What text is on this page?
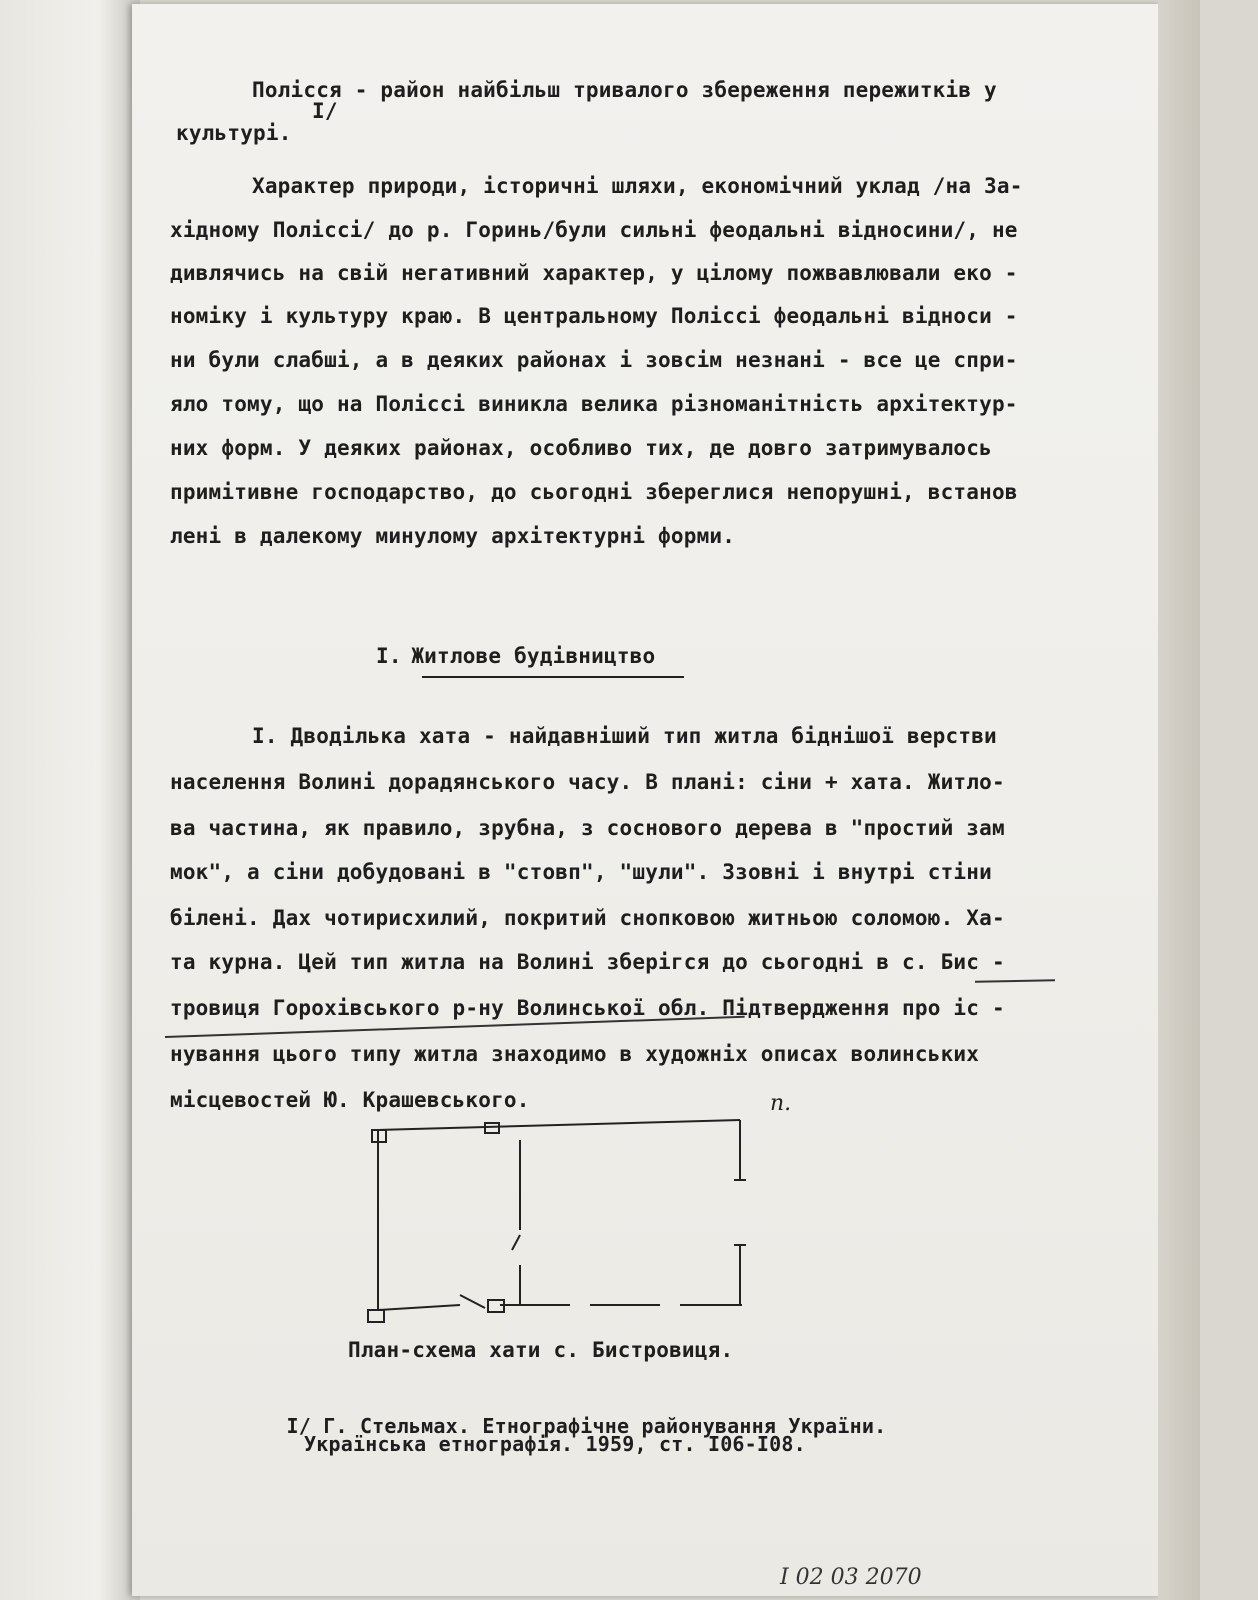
Полісся - район найбільш тривалого збереження пережитків у
I/
культурі.
Характер природи, історичні шляхи, економічний уклад /на За-
хідному Поліссі/ до р. Горинь/були сильні феодальні відносини/, не
дивлячись на свій негативний характер, у цілому пожвавлювали еко -
номіку і культуру краю. В центральному Поліссі феодальні відноси -
ни були слабші, а в деяких районах і зовсім незнані - все це спри-
яло тому, що на Поліссі виникла велика різноманітність архітектур-
них форм. У деяких районах, особливо тих, де довго затримувалось
примітивне господарство, до сьогодні збереглися непорушні, встанов
лені в далекому минулому архітектурні форми.
I. Житлове будівництво
I. Дводілька хата - найдавніший тип житла біднішої верстви
населення Волині дорадянського часу. В плані: сіни + хата. Житло-
ва частина, як правило, зрубна, з соснового дерева в "простий зам
мок", а сіни добудовані в "стовп", "шули". Ззовні і внутрі стіни
білені. Дах чотирисхилий, покритий снопковою житньою соломою. Ха-
та курна. Цей тип житла на Волині зберігся до сьогодні в с. Бис -
тровиця Горохівського р-ну Волинської обл. Підтвердження про іс -
нування цього типу житла знаходимо в художніх описах волинських
місцевостей Ю. Крашевського.	п.
План-схема хати с. Бистровиця.

I/ Г. Стельмах. Етнографічне районування України.

Українська етнографія. 1959, ст. I06-I08.
І 02 03 2070
